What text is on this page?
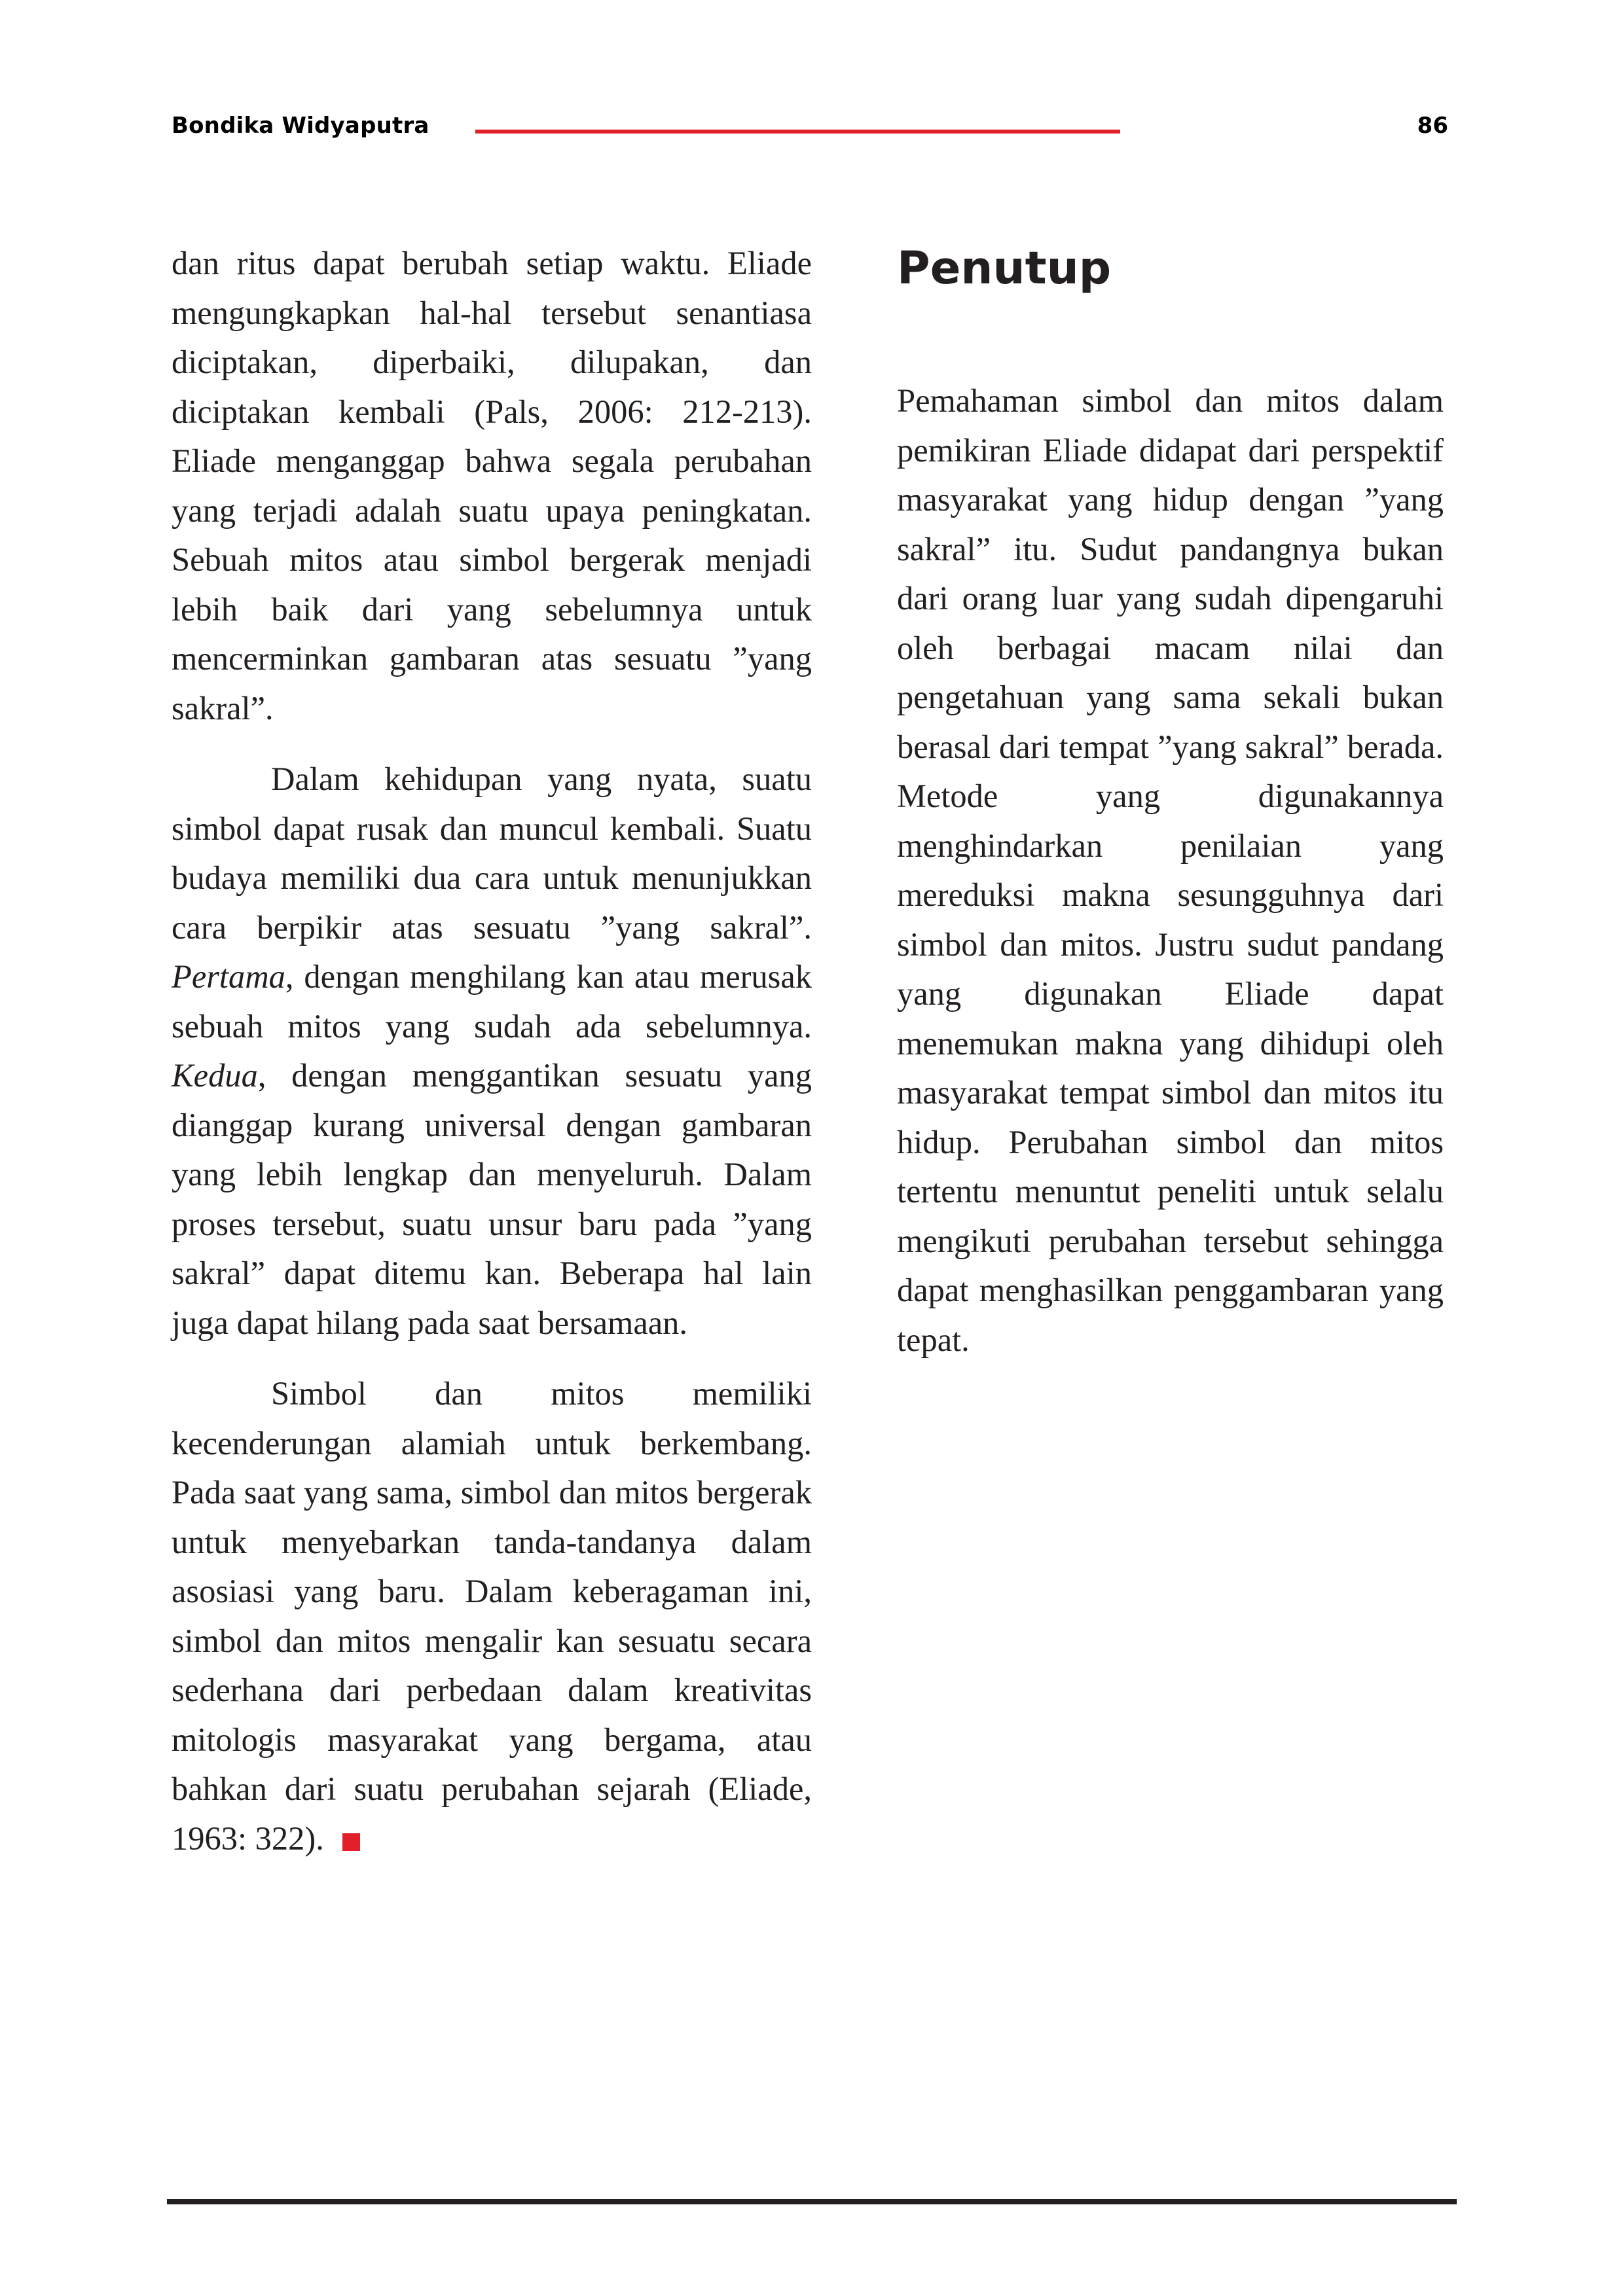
Bondika Widyaputra	86

dan ritus dapat berubah setiap waktu. Eliade mengungkapkan hal-hal tersebut senantiasa diciptakan, diperbaiki, dilupakan, dan diciptakan kembali (Pals, 2006: 212-213). Eliade menganggap bahwa segala perubahan yang terjadi adalah suatu upaya peningkatan. Sebuah mitos atau simbol bergerak menjadi lebih baik dari yang sebelumnya untuk mencerminkan gambaran atas sesuatu ”yang sakral”.

Dalam kehidupan yang nyata, suatu simbol dapat rusak dan muncul kembali. Suatu budaya memiliki dua cara untuk menunjukkan cara berpikir atas sesuatu ”yang sakral”. Pertama, dengan menghilang kan atau merusak sebuah mitos yang sudah ada sebelumnya. Kedua, dengan menggantikan sesuatu yang dianggap kurang universal dengan gambaran yang lebih lengkap dan menyeluruh. Dalam proses tersebut, suatu unsur baru pada ”yang sakral” dapat ditemu kan. Beberapa hal lain juga dapat hilang pada saat bersamaan.

Simbol dan mitos memiliki kecenderungan alamiah untuk berkembang. Pada saat yang sama, simbol dan mitos bergerak untuk menyebarkan tanda-tandanya dalam asosiasi yang baru. Dalam keberagaman ini, simbol dan mitos mengalir kan sesuatu secara sederhana dari perbedaan dalam kreativitas mitologis masyarakat yang bergama, atau bahkan dari suatu perubahan sejarah (Eliade, 1963: 322).

Penutup

Pemahaman simbol dan mitos dalam pemikiran Eliade didapat dari perspektif masyarakat yang hidup dengan ”yang sakral” itu. Sudut pandangnya bukan dari orang luar yang sudah dipengaruhi oleh berbagai macam nilai dan pengetahuan yang sama sekali bukan berasal dari tempat ”yang sakral” berada. Metode yang digunakannya menghindarkan penilaian yang mereduksi makna sesungguhnya dari simbol dan mitos. Justru sudut pandang yang digunakan Eliade dapat menemukan makna yang dihidupi oleh masyarakat tempat simbol dan mitos itu hidup. Perubahan simbol dan mitos tertentu menuntut peneliti untuk selalu mengikuti perubahan tersebut sehingga dapat menghasilkan penggambaran yang tepat.
